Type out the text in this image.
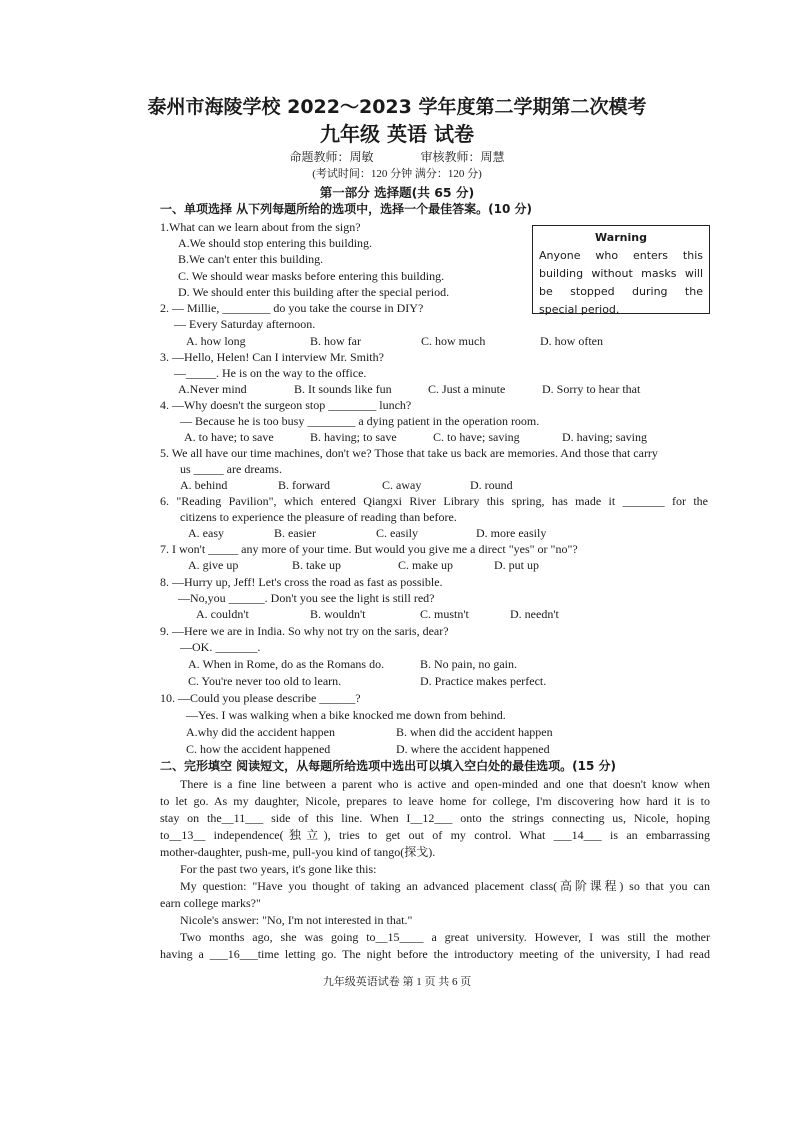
泰州市海陵学校 2022～2023 学年度第二学期第二次模考
九年级 英语 试卷
命题教师：周敏	审核教师：周慧
(考试时间：120 分钟 满分：120 分)
第一部分 选择题(共 65 分)
一、单项选择 从下列每题所给的选项中，选择一个最佳答案。(10 分)
Warning
Anyone who enters this building without masks will be stopped during the special period.
1.What can we learn about from the sign?
A.We should stop entering this building.
B.We can't enter this building.
C. We should wear masks before entering this building.
D. We should enter this building after the special period.
2. — Millie, ________ do you take the course in DIY?
— Every Saturday afternoon.
A. how long	B. how far	C. how much	D. how often
3. —Hello, Helen! Can I interview Mr. Smith?
—_____. He is on the way to the office.
A.Never mind	B. It sounds like fun	C. Just a minute	D. Sorry to hear that
4. —Why doesn't the surgeon stop ________ lunch?
— Because he is too busy ________ a dying patient in the operation room.
A. to have; to save	B. having; to save	C. to have; saving	D. having; saving
5. We all have our time machines, don't we? Those that take us back are memories. And those that carry
us _____ are dreams.
A. behind	B. forward	C. away	D. round
6. "Reading Pavilion", which entered Qiangxi River Library this spring, has made it _______ for the
citizens to experience the pleasure of reading than before.
A. easy	B. easier	C. easily	D. more easily
7. I won't _____ any more of your time. But would you give me a direct "yes" or "no"?
A. give up	B. take up	C. make up	D. put up
8. —Hurry up, Jeff! Let's cross the road as fast as possible.
—No,you ______. Don't you see the light is still red?
A. couldn't	B. wouldn't	C. mustn't	D. needn't
9. —Here we are in India. So why not try on the saris, dear?
—OK. _______.
A. When in Rome, do as the Romans do.	B. No pain, no gain.
C. You're never too old to learn.	D. Practice makes perfect.
10. —Could you please describe ______?
—Yes. I was walking when a bike knocked me down from behind.
A.why did the accident happen	B. when did the accident happen
C. how the accident happened	D. where the accident happened
二、完形填空 阅读短文，从每题所给选项中选出可以填入空白处的最佳选项。(15 分)
There is a fine line between a parent who is active and open-minded and one that doesn't know when
to let go. As my daughter, Nicole, prepares to leave home for college, I'm discovering how hard it is to
stay on the__11___ side of this line. When I__12___ onto the strings connecting us, Nicole, hoping
to__13__ independence(独立), tries to get out of my control. What ___14___ is an embarrassing
mother-daughter, push-me, pull-you kind of tango(探戈).
For the past two years, it's gone like this:
My question: "Have you thought of taking an advanced placement class(高阶课程) so that you can
earn college marks?"
Nicole's answer: "No, I'm not interested in that."
Two months ago, she was going to__15____ a great university. However, I was still the mother
having a ___16___time letting go. The night before the introductory meeting of the university, I had read
九年级英语试卷 第 1 页 共 6 页
